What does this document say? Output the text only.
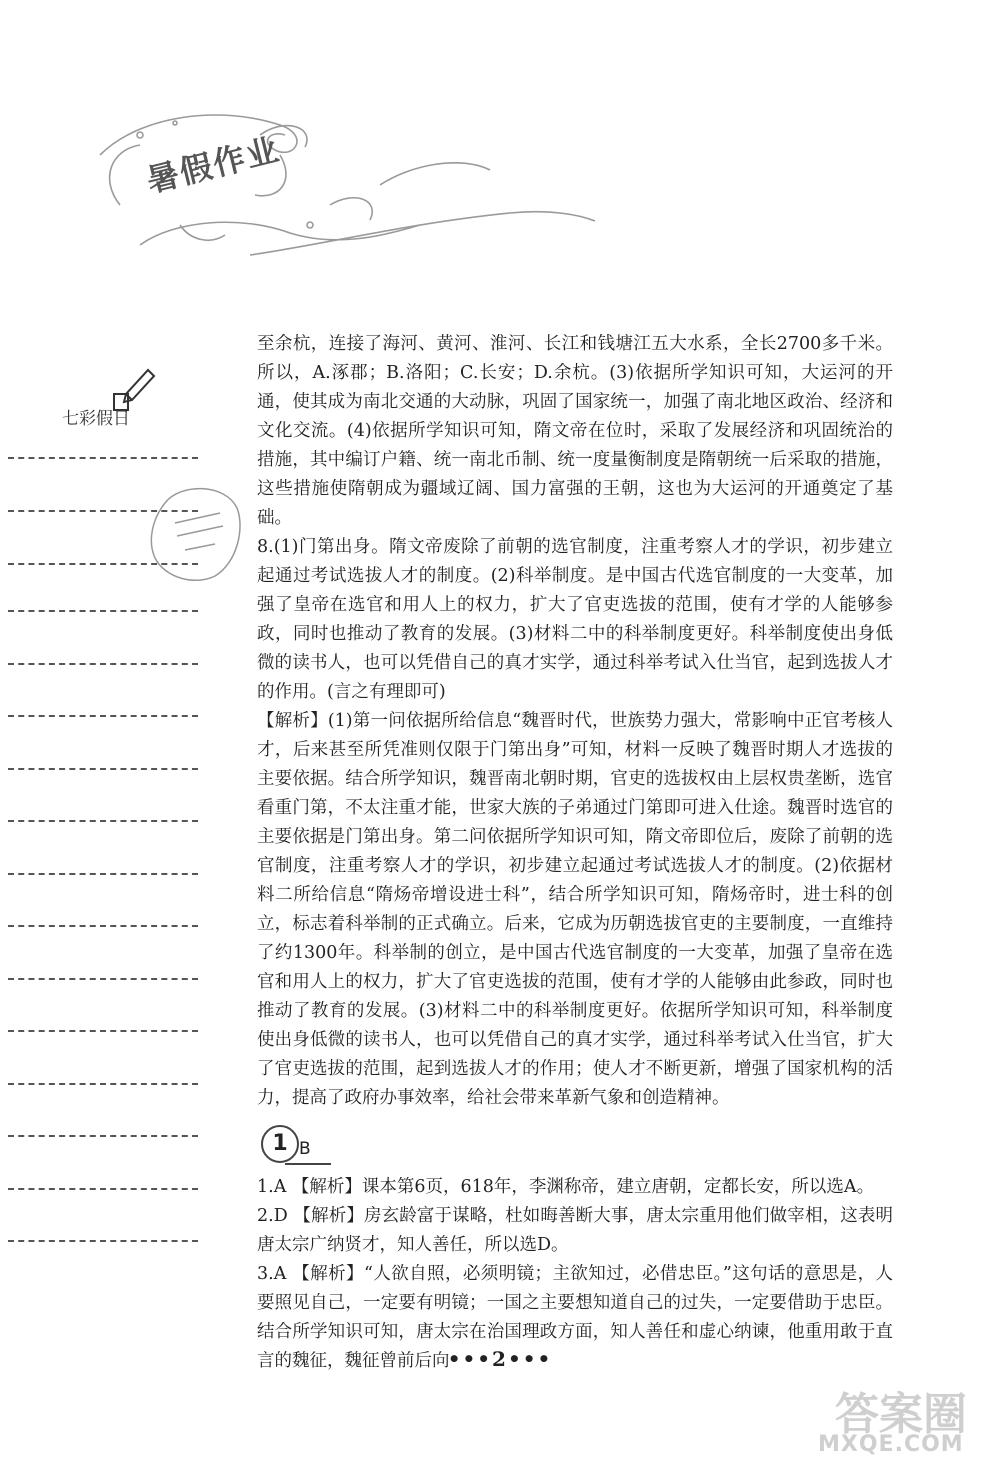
暑假作业
七彩假日

至余杭，连接了海河、黄河、淮河、长江和钱塘江五大水系，全长2700多千米。所以，A.涿郡；B.洛阳；C.长安；D.余杭。(3)依据所学知识可知，大运河的开通，使其成为南北交通的大动脉，巩固了国家统一，加强了南北地区政治、经济和文化交流。(4)依据所学知识可知，隋文帝在位时，采取了发展经济和巩固统治的措施，其中编订户籍、统一南北币制、统一度量衡制度是隋朝统一后采取的措施，这些措施使隋朝成为疆域辽阔、国力富强的王朝，这也为大运河的开通奠定了基础。

8.(1)门第出身。隋文帝废除了前朝的选官制度，注重考察人才的学识，初步建立起通过考试选拔人才的制度。(2)科举制度。是中国古代选官制度的一大变革，加强了皇帝在选官和用人上的权力，扩大了官吏选拔的范围，使有才学的人能够参政，同时也推动了教育的发展。(3)材料二中的科举制度更好。科举制度使出身低微的读书人，也可以凭借自己的真才实学，通过科举考试入仕当官，起到选拔人才的作用。(言之有理即可)

【解析】(1)第一问依据所给信息“魏晋时代，世族势力强大，常影响中正官考核人才，后来甚至所凭准则仅限于门第出身”可知，材料一反映了魏晋时期人才选拔的主要依据。结合所学知识，魏晋南北朝时期，官吏的选拔权由上层权贵垄断，选官看重门第，不太注重才能，世家大族的子弟通过门第即可进入仕途。魏晋时选官的主要依据是门第出身。第二问依据所学知识可知，隋文帝即位后，废除了前朝的选官制度，注重考察人才的学识，初步建立起通过考试选拔人才的制度。(2)依据材料二所给信息“隋炀帝增设进士科”，结合所学知识可知，隋炀帝时，进士科的创立，标志着科举制的正式确立。后来，它成为历朝选拔官吏的主要制度，一直维持了约1300年。科举制的创立，是中国古代选官制度的一大变革，加强了皇帝在选官和用人上的权力，扩大了官吏选拔的范围，使有才学的人能够由此参政，同时也推动了教育的发展。(3)材料二中的科举制度更好。依据所学知识可知，科举制度使出身低微的读书人，也可以凭借自己的真才实学，通过科举考试入仕当官，扩大了官吏选拔的范围，起到选拔人才的作用；使人才不断更新，增强了国家机构的活力，提高了政府办事效率，给社会带来革新气象和创造精神。

1 B

1.A 【解析】课本第6页，618年，李渊称帝，建立唐朝，定都长安，所以选A。

2.D 【解析】房玄龄富于谋略，杜如晦善断大事，唐太宗重用他们做宰相，这表明唐太宗广纳贤才，知人善任，所以选D。

3.A 【解析】“人欲自照，必须明镜；主欲知过，必借忠臣。”这句话的意思是，人要照见自己，一定要有明镜；一国之主要想知道自己的过失，一定要借助于忠臣。结合所学知识可知，唐太宗在治国理政方面，知人善任和虚心纳谏，他重用敢于直言的魏征，魏征曾前后向

•••2•••
答案圈
MXQE.COM
